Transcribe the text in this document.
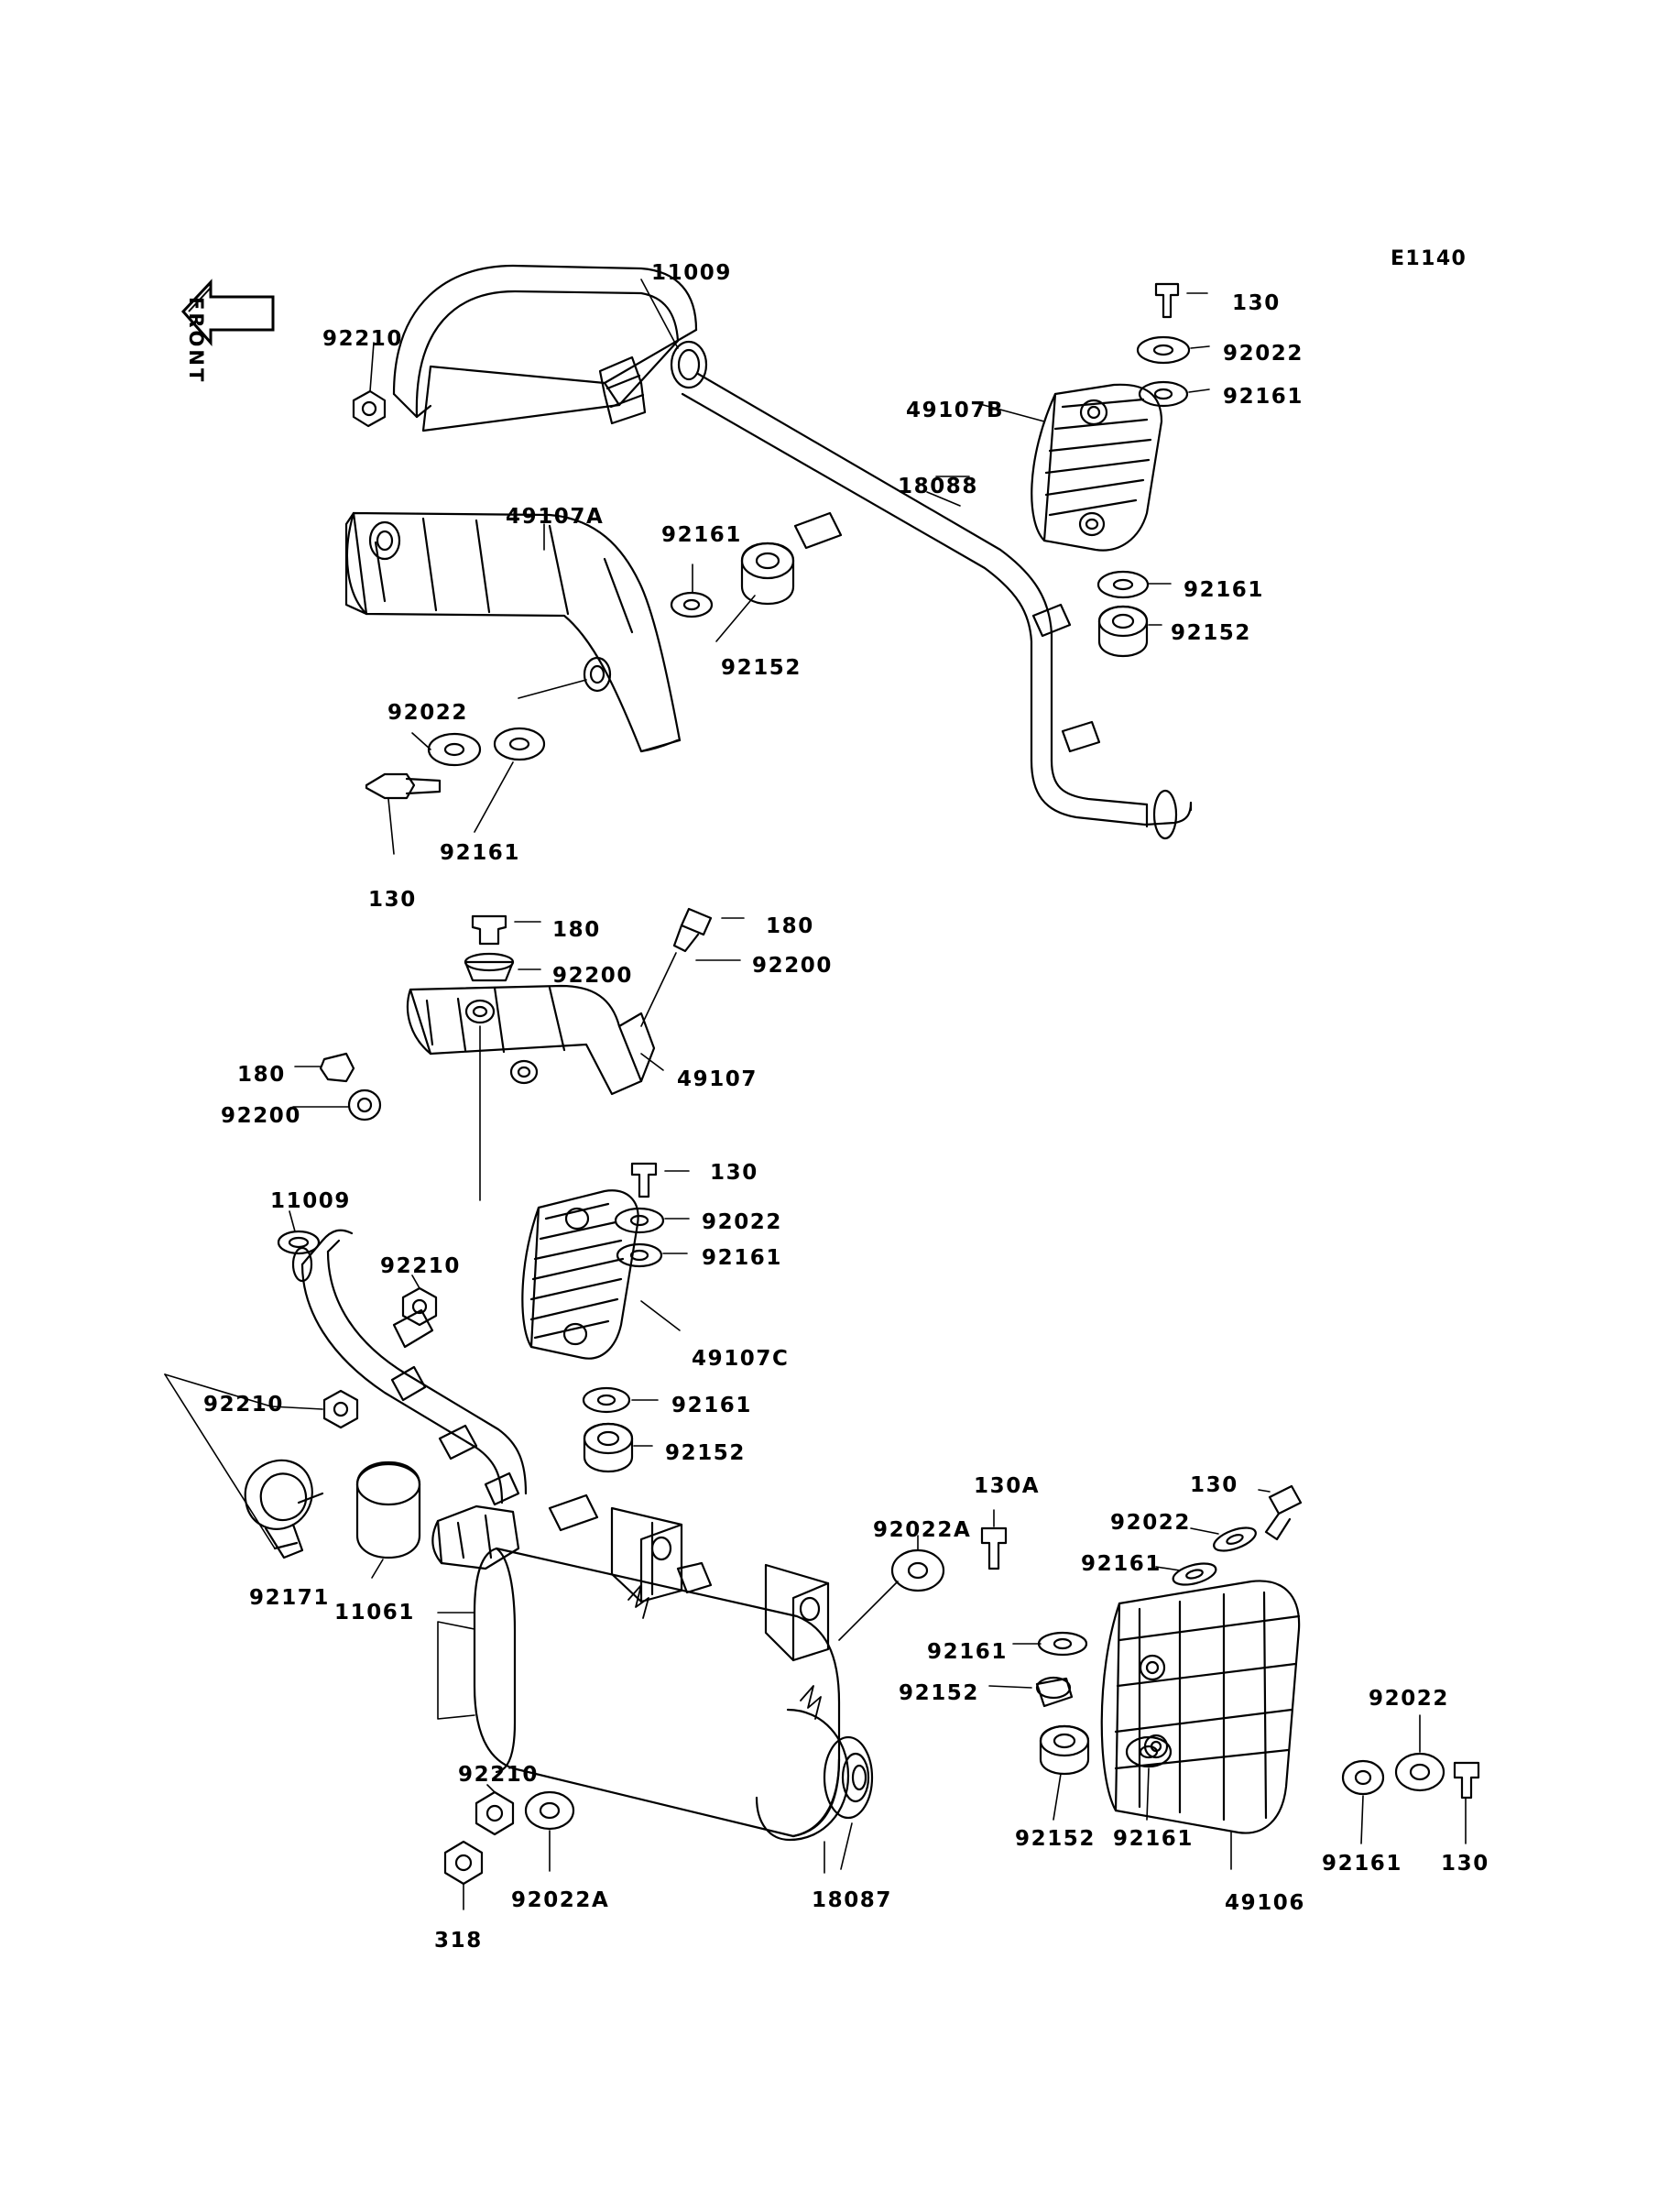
FRONT
E1140
11009
92210
130
92022
92161
49107B
18088
49107A
92161
92161
92152
92152
92022
92161
130
180	180
92200	92200
180	49107
92200
130
92022
11009
92161
92210
49107C
92210	92161
92152
130A	130
92022
92022A
92161
92171
11061
92161
92152	92022
92210
92152 92161
92161 130
92022A	18087	49106
318
